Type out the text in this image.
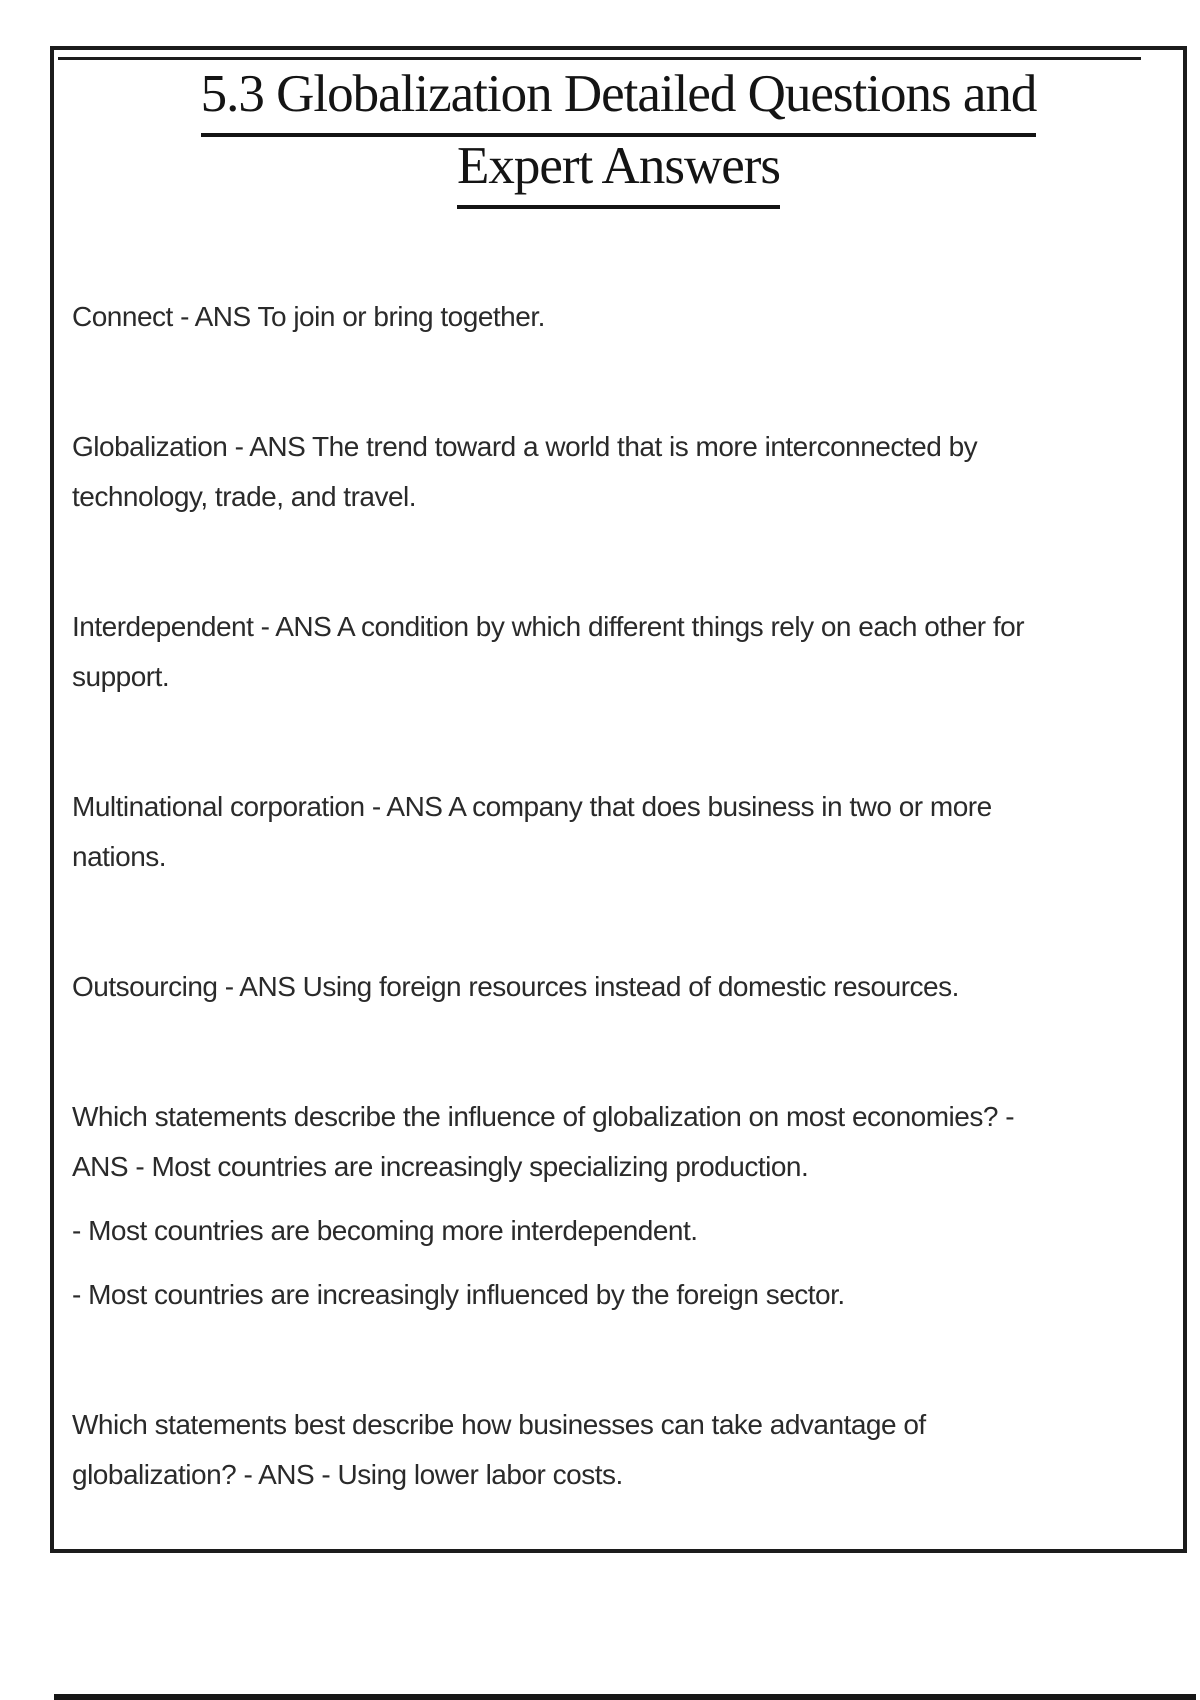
5.3 Globalization Detailed Questions and
Expert Answers
Connect - ANS To join or bring together.
Globalization - ANS The trend toward a world that is more interconnected by
technology, trade, and travel.
Interdependent - ANS A condition by which different things rely on each other for
support.
Multinational corporation - ANS A company that does business in two or more
nations.
Outsourcing - ANS Using foreign resources instead of domestic resources.
Which statements describe the influence of globalization on most economies? -
ANS - Most countries are increasingly specializing production.
- Most countries are becoming more interdependent.
- Most countries are increasingly influenced by the foreign sector.
Which statements best describe how businesses can take advantage of
globalization? - ANS - Using lower labor costs.
